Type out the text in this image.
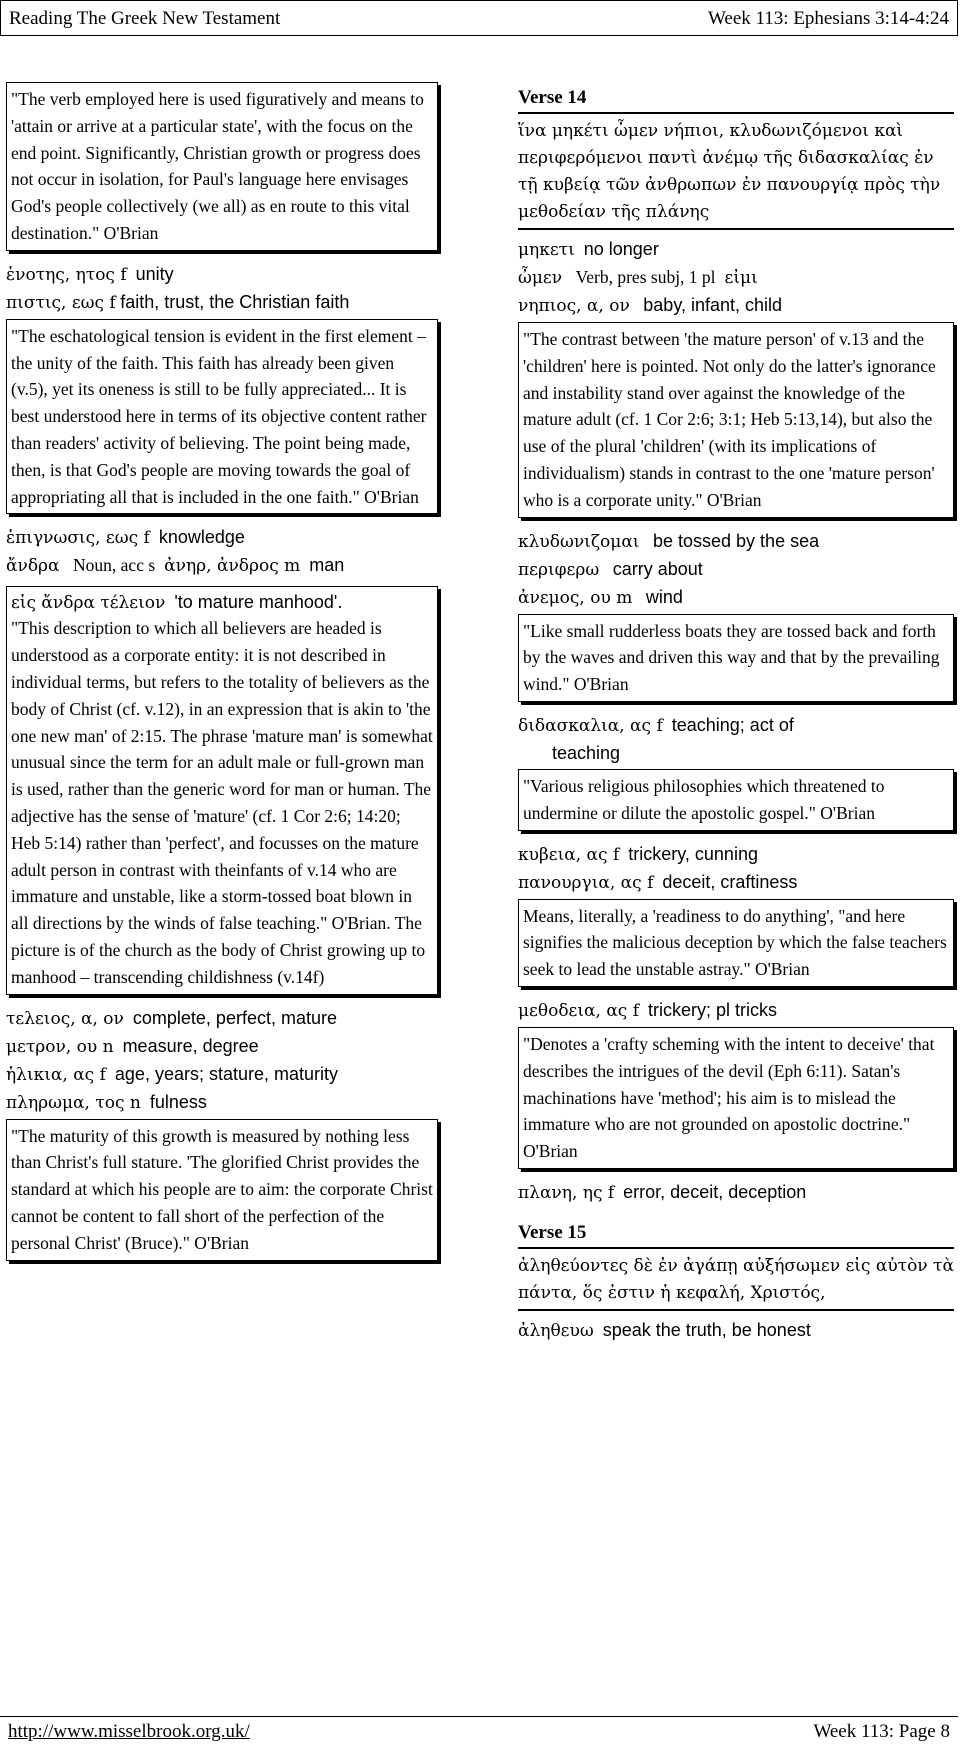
Reading The Greek New Testament	Week 113: Ephesians 3:14-4:24
"The verb employed here is used figuratively and means to 'attain or arrive at a particular state', with the focus on the end point. Significantly, Christian growth or progress does not occur in isolation, for Paul's language here envisages God's people collectively (we all) as en route to this vital destination." O'Brian
ἑνοτης, ητος f unity
πιστις, εως f faith, trust, the Christian faith
"The eschatological tension is evident in the first element – the unity of the faith. This faith has already been given (v.5), yet its oneness is still to be fully appreciated... It is best understood here in terms of its objective content rather than readers' activity of believing. The point being made, then, is that God's people are moving towards the goal of appropriating all that is included in the one faith." O'Brian
ἐπιγνωσις, εως f knowledge
ἄνδρα Noun, acc s ἀνηρ, ἀνδρος m man
εἰς ἄνδρα τέλειον 'to mature manhood'.
"This description to which all believers are headed is understood as a corporate entity: it is not described in individual terms, but refers to the totality of believers as the body of Christ (cf. v.12), in an expression that is akin to 'the one new man' of 2:15. The phrase 'mature man' is somewhat unusual since the term for an adult male or full-grown man is used, rather than the generic word for man or human. The adjective has the sense of 'mature' (cf. 1 Cor 2:6; 14:20; Heb 5:14) rather than 'perfect', and focusses on the mature adult person in contrast with theinfants of v.14 who are immature and unstable, like a storm-tossed boat blown in all directions by the winds of false teaching." O'Brian. The picture is of the church as the body of Christ growing up to manhood – transcending childishness (v.14f)
τελειος, α, ον complete, perfect, mature
μετρον, ου n measure, degree
ἡλικια, ας f age, years; stature, maturity
πληρωμα, τος n fulness
"The maturity of this growth is measured by nothing less than Christ's full stature. 'The glorified Christ provides the standard at which his people are to aim: the corporate Christ cannot be content to fall short of the perfection of the personal Christ' (Bruce)." O'Brian
Verse 14
ἵνα μηκέτι ὦμεν νήπιοι, κλυδωνιζόμενοι καὶ περιφερόμενοι παντὶ ἀνέμῳ τῆς διδασκαλίας ἐν τῇ κυβείᾳ τῶν ἀνθρωπων ἐν πανουργίᾳ πρὸς τὴν μεθοδείαν τῆς πλάνης
μηκετι no longer
ὦμεν Verb, pres subj, 1 pl εἰμι
νηπιος, α, ον baby, infant, child
"The contrast between 'the mature person' of v.13 and the 'children' here is pointed. Not only do the latter's ignorance and instability stand over against the knowledge of the mature adult (cf. 1 Cor 2:6; 3:1; Heb 5:13,14), but also the use of the plural 'children' (with its implications of individualism) stands in contrast to the one 'mature person' who is a corporate unity." O'Brian
κλυδωνιζομαι be tossed by the sea
περιφερω carry about
ἀνεμος, ου m wind
"Like small rudderless boats they are tossed back and forth by the waves and driven this way and that by the prevailing wind." O'Brian
διδασκαλια, ας f teaching; act of
teaching
"Various religious philosophies which threatened to undermine or dilute the apostolic gospel." O'Brian
κυβεια, ας f trickery, cunning
πανουργια, ας f deceit, craftiness
Means, literally, a 'readiness to do anything', "and here signifies the malicious deception by which the false teachers seek to lead the unstable astray." O'Brian
μεθοδεια, ας f trickery; pl tricks
"Denotes a 'crafty scheming with the intent to deceive' that describes the intrigues of the devil (Eph 6:11). Satan's machinations have 'method'; his aim is to mislead the immature who are not grounded on apostolic doctrine." O'Brian
πλανη, ης f error, deceit, deception
Verse 15
ἀληθεύοντες δὲ ἐν ἀγάπῃ αὐξήσωμεν εἰς αὐτὸν τὰ πάντα, ὅς ἐστιν ἡ κεφαλή, Χριστός,
ἀληθευω speak the truth, be honest
http://www.misselbrook.org.uk/	Week 113: Page 8
